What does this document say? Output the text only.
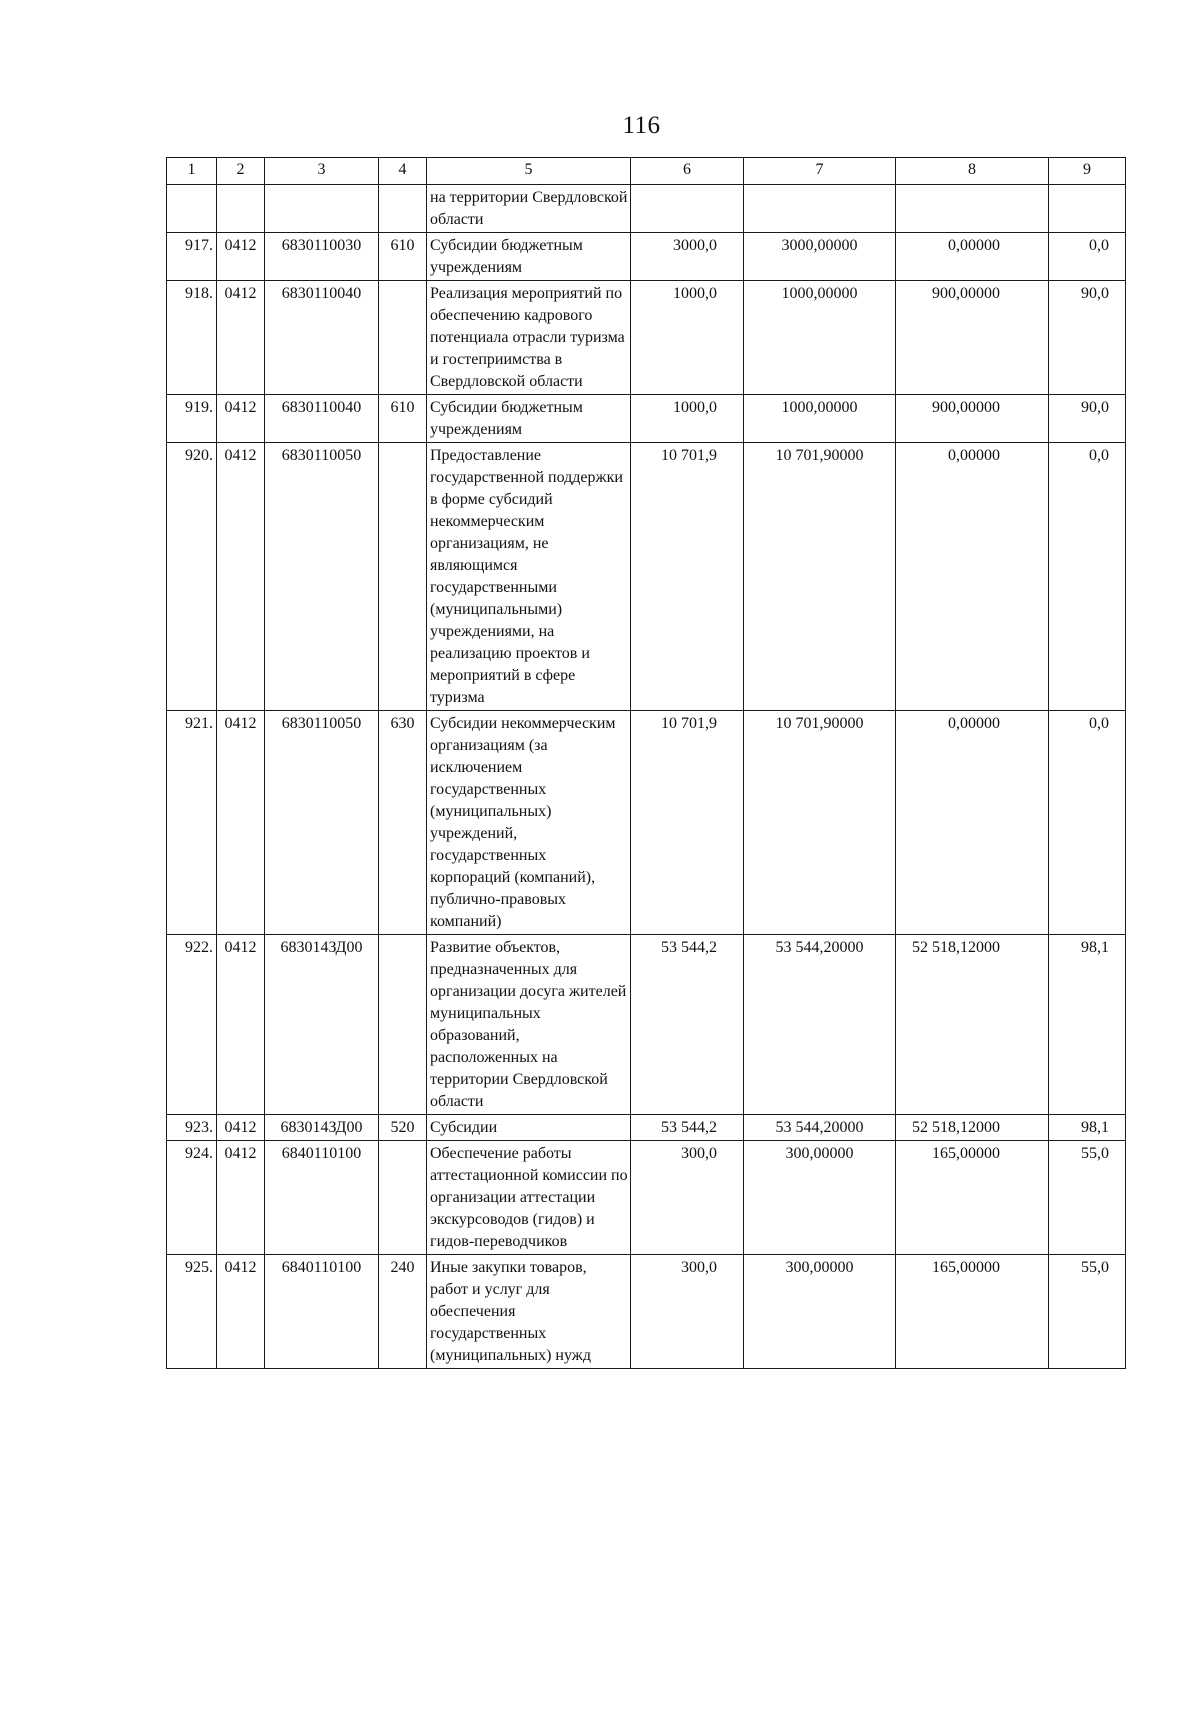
116
1	2	3	4	5	6	7	8	9
				на территории Свердловской области				
917.	0412	6830110030	610	Субсидии бюджетным учреждениям	3000,0	3000,00000	0,00000	0,0
918.	0412	6830110040		Реализация мероприятий по обеспечению кадрового потенциала отрасли туризма и гостеприимства в Свердловской области	1000,0	1000,00000	900,00000	90,0
919.	0412	6830110040	610	Субсидии бюджетным учреждениям	1000,0	1000,00000	900,00000	90,0
920.	0412	6830110050		Предоставление государственной поддержки в форме субсидий некоммерческим организациям, не являющимся государственными (муниципальными) учреждениями, на реализацию проектов и мероприятий в сфере туризма	10 701,9	10 701,90000	0,00000	0,0
921.	0412	6830110050	630	Субсидии некоммерческим организациям (за исключением государственных (муниципальных) учреждений, государственных корпораций (компаний), публично-правовых компаний)	10 701,9	10 701,90000	0,00000	0,0
922.	0412	683014ЗД00		Развитие объектов, предназначенных для организации досуга жителей муниципальных образований, расположенных на территории Свердловской области	53 544,2	53 544,20000	52 518,12000	98,1
923.	0412	683014ЗД00	520	Субсидии	53 544,2	53 544,20000	52 518,12000	98,1
924.	0412	6840110100		Обеспечение работы аттестационной комиссии по организации аттестации экскурсоводов (гидов) и гидов-переводчиков	300,0	300,00000	165,00000	55,0
925.	0412	6840110100	240	Иные закупки товаров, работ и услуг для обеспечения государственных (муниципальных) нужд	300,0	300,00000	165,00000	55,0
